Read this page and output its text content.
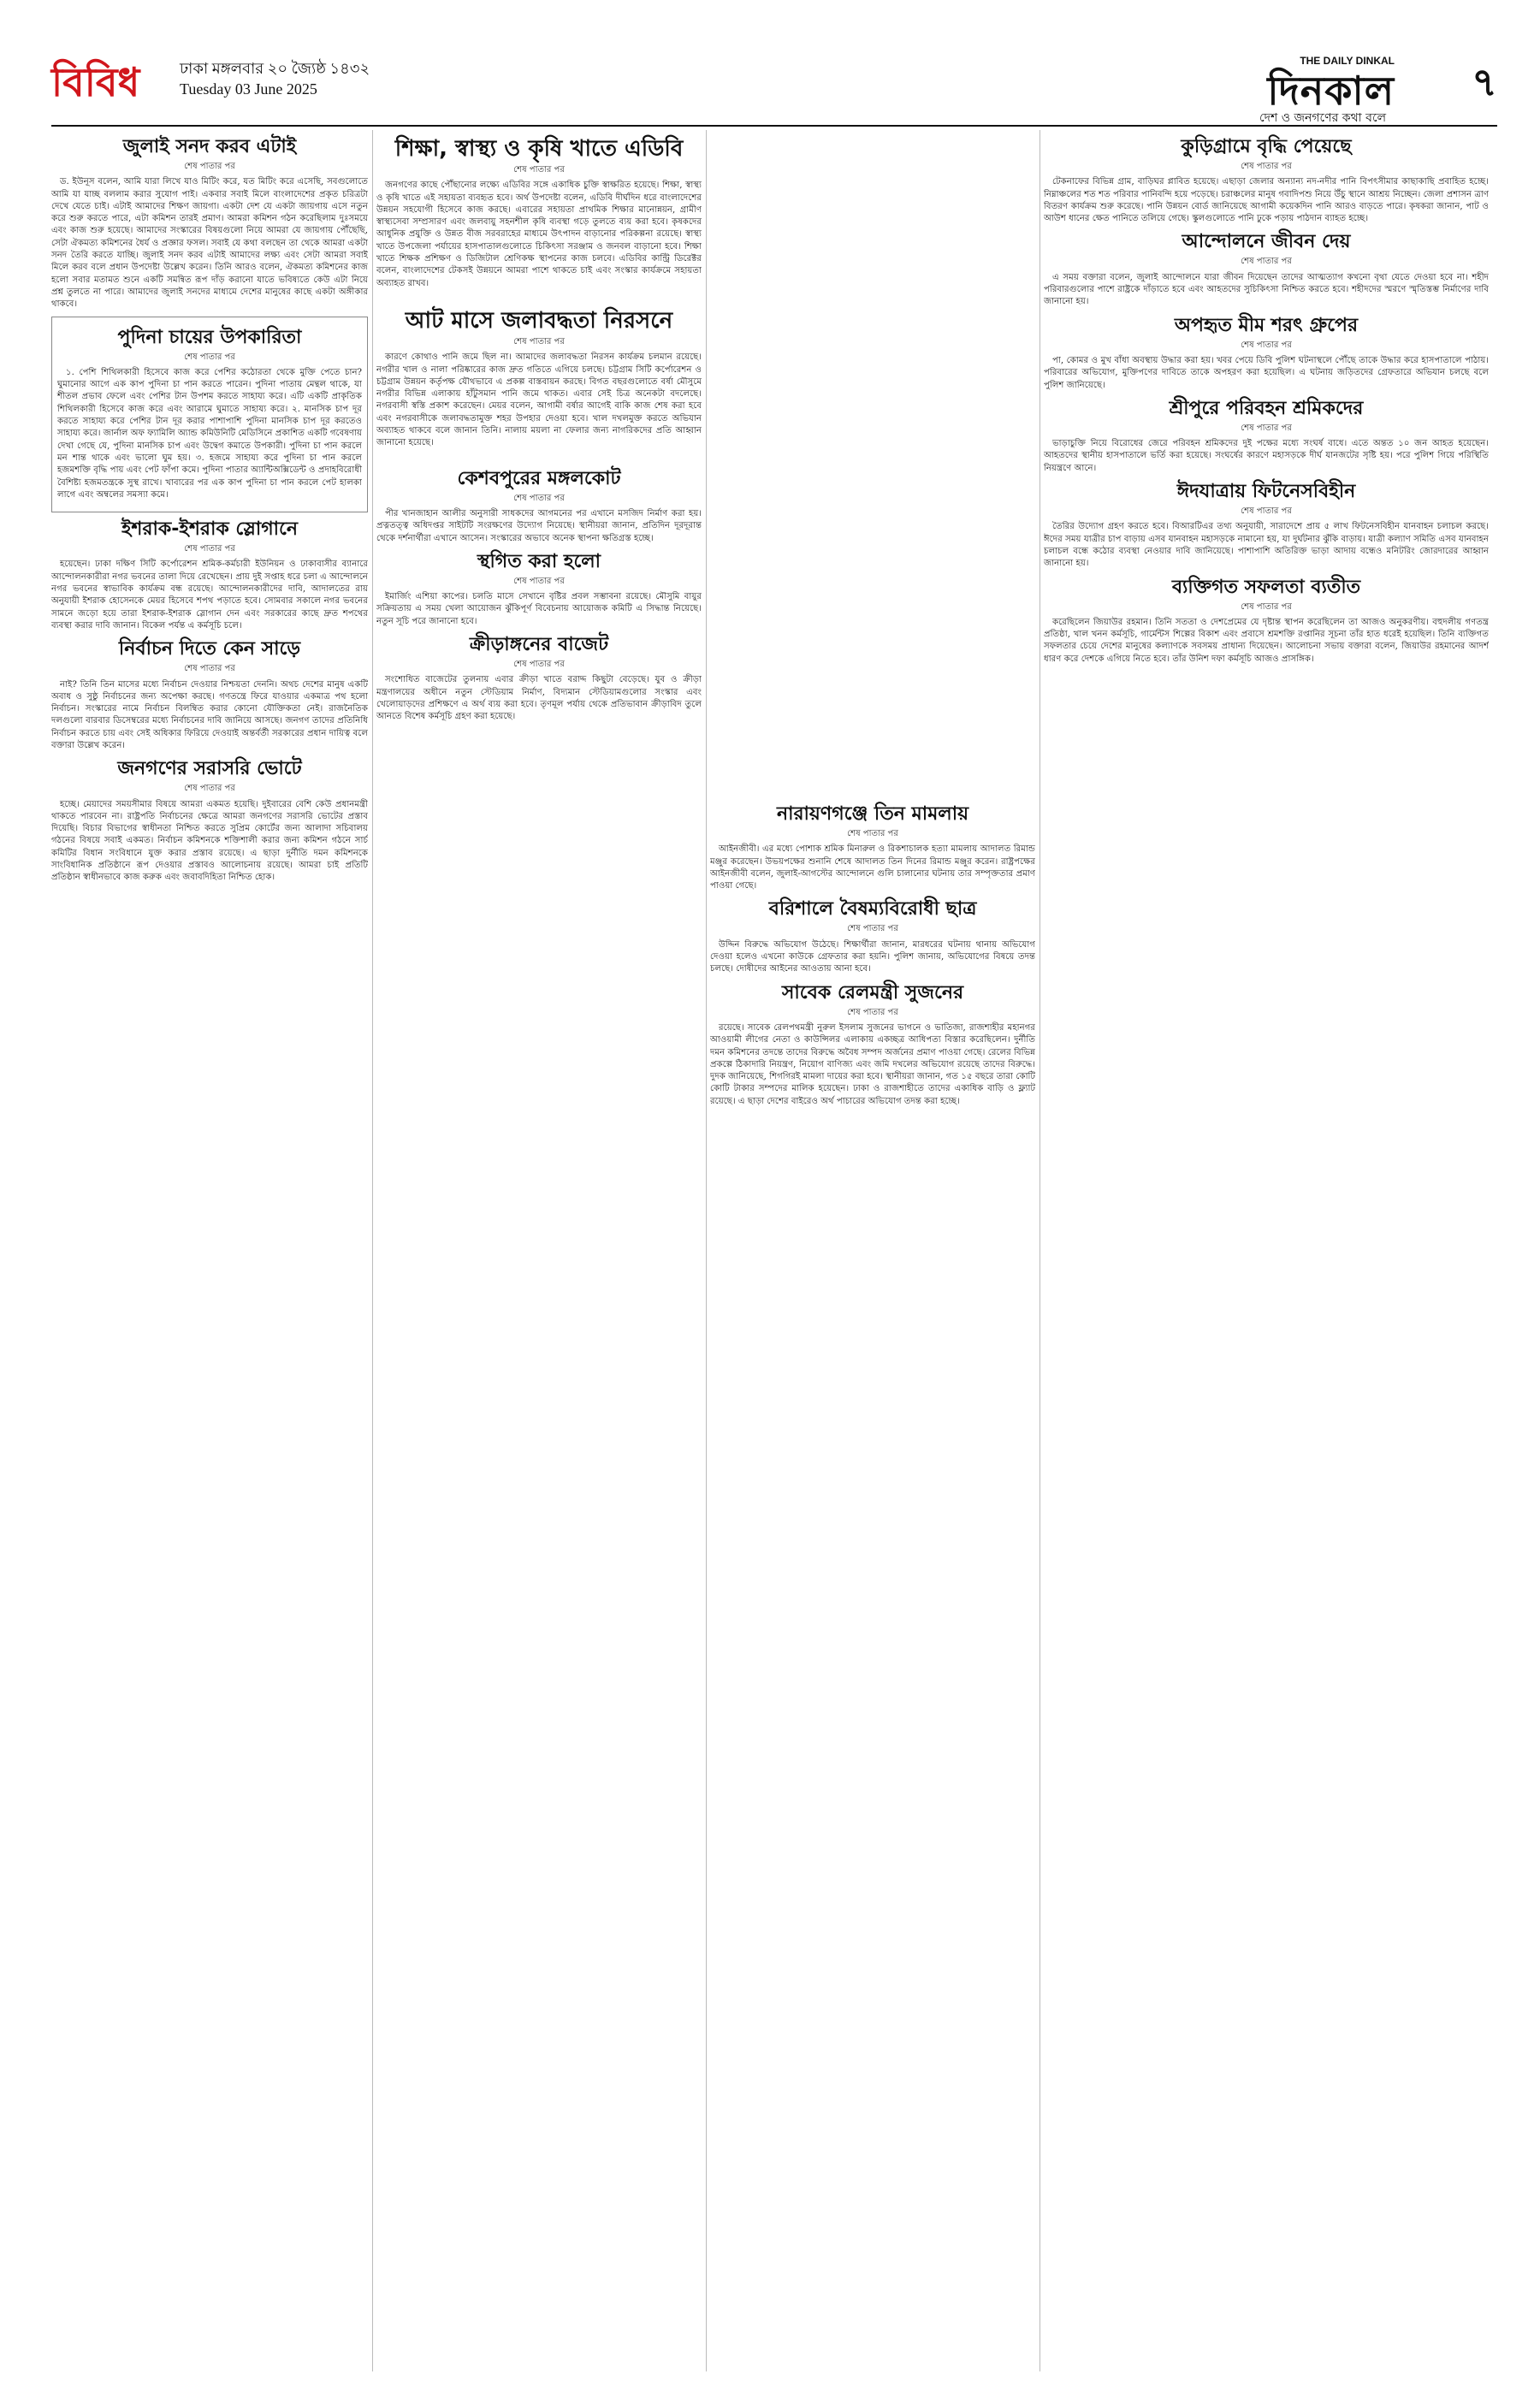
বিবিধ	ঢাকা মঙ্গলবার ২০ জ্যৈষ্ঠ ১৪৩২
Tuesday 03 June 2025
THE DAILY DINKAL
দিনকাল
দেশ ও জনগণের কথা বলে
৭
জুলাই সনদ করব এটাই
শেষ পাতার পর

ড. ইউনূস বলেন, আমি যারা লিখে যাও মিটিং করে, যত মিটিং করে এসেছি, সবগুলোতে আমি যা যাচ্ছ বললাম করার সুযোগ পাই। একবার সবাই মিলে বাংলাদেশের প্রকৃত চরিত্রটা দেখে যেতে চাই। এটাই আমাদের শিক্ষণ জায়গা। একটা দেশ যে একটা জায়গায় এসে নতুন করে শুরু করতে পারে, এটা কমিশন তারই প্রমাণ। আমরা কমিশন গঠন করেছিলাম দুঃসময়ে এবং কাজ শুরু হয়েছে। আমাদের সংস্কারের বিষয়গুলো নিয়ে আমরা যে জায়গায় পৌঁছেছি, সেটা ঐকমত্য কমিশনের ধৈর্য ও প্রজ্ঞার ফসল। সবাই যে কথা বলছেন তা থেকে আমরা একটা সনদ তৈরি করতে যাচ্ছি। জুলাই সনদ করব এটাই আমাদের লক্ষ্য এবং সেটা আমরা সবাই মিলে করব বলে প্রধান উপদেষ্টা উল্লেখ করেন। তিনি আরও বলেন, ঐকমত্য কমিশনের কাজ হলো সবার মতামত শুনে একটি সমন্বিত রূপ দাঁড় করানো যাতে ভবিষ্যতে কেউ এটা নিয়ে প্রশ্ন তুলতে না পারে। আমাদের জুলাই সনদের মাধ্যমে দেশের মানুষের কাছে একটা অঙ্গীকার থাকবে।

পুদিনা চায়ের উপকারিতা
শেষ পাতার পর

১. পেশি শিথিলকারী হিসেবে কাজ করে পেশির কঠোরতা থেকে মুক্তি পেতে চান? ঘুমানোর আগে এক কাপ পুদিনা চা পান করতে পারেন। পুদিনা পাতায় মেন্থল থাকে, যা শীতল প্রভাব ফেলে এবং পেশির টান উপশম করতে সাহায্য করে। এটি একটি প্রাকৃতিক শিথিলকারী হিসেবে কাজ করে এবং আরামে ঘুমাতে সাহায্য করে। ২. মানসিক চাপ দূর করতে সাহায্য করে পেশির টান দূর করার পাশাপাশি পুদিনা মানসিক চাপ দূর করতেও সাহায্য করে। জার্নাল অফ ফ্যামিলি অ্যান্ড কমিউনিটি মেডিসিনে প্রকাশিত একটি গবেষণায় দেখা গেছে যে, পুদিনা মানসিক চাপ এবং উদ্বেগ কমাতে উপকারী। পুদিনা চা পান করলে মন শান্ত থাকে এবং ভালো ঘুম হয়। ৩. হজমে সাহায্য করে পুদিনা চা পান করলে হজমশক্তি বৃদ্ধি পায় এবং পেট ফাঁপা কমে। পুদিনা পাতার অ্যান্টিঅক্সিডেন্ট ও প্রদাহবিরোধী বৈশিষ্ট্য হজমতন্ত্রকে সুস্থ রাখে। খাবারের পর এক কাপ পুদিনা চা পান করলে পেট হালকা লাগে এবং অম্বলের সমস্যা কমে।

ইশরাক-ইশরাক স্লোগানে
শেষ পাতার পর

হয়েছেন। ঢাকা দক্ষিণ সিটি কর্পোরেশন শ্রমিক-কর্মচারী ইউনিয়ন ও ঢাকাবাসীর ব্যানারে আন্দোলনকারীরা নগর ভবনের তালা দিয়ে রেখেছেন। প্রায় দুই সপ্তাহ ধরে চলা এ আন্দোলনে নগর ভবনের স্বাভাবিক কার্যক্রম বন্ধ রয়েছে। আন্দোলনকারীদের দাবি, আদালতের রায় অনুযায়ী ইশরাক হোসেনকে মেয়র হিসেবে শপথ পড়াতে হবে। সোমবার সকালে নগর ভবনের সামনে জড়ো হয়ে তারা ইশরাক-ইশরাক স্লোগান দেন এবং সরকারের কাছে দ্রুত শপথের ব্যবস্থা করার দাবি জানান। বিকেল পর্যন্ত এ কর্মসূচি চলে।

নির্বাচন দিতে কেন সাড়ে
শেষ পাতার পর

নাই? তিনি তিন মাসের মধ্যে নির্বাচন দেওয়ার নিশ্চয়তা দেননি। অথচ দেশের মানুষ একটি অবাধ ও সুষ্ঠু নির্বাচনের জন্য অপেক্ষা করছে। গণতন্ত্রে ফিরে যাওয়ার একমাত্র পথ হলো নির্বাচন। সংস্কারের নামে নির্বাচন বিলম্বিত করার কোনো যৌক্তিকতা নেই। রাজনৈতিক দলগুলো বারবার ডিসেম্বরের মধ্যে নির্বাচনের দাবি জানিয়ে আসছে। জনগণ তাদের প্রতিনিধি নির্বাচন করতে চায় এবং সেই অধিকার ফিরিয়ে দেওয়াই অন্তর্বর্তী সরকারের প্রধান দায়িত্ব বলে বক্তারা উল্লেখ করেন।

জনগণের সরাসরি ভোটে
শেষ পাতার পর

হচ্ছে। মেয়াদের সময়সীমার বিষয়ে আমরা একমত হয়েছি। দুইবারের বেশি কেউ প্রধানমন্ত্রী থাকতে পারবেন না। রাষ্ট্রপতি নির্বাচনের ক্ষেত্রে আমরা জনগণের সরাসরি ভোটের প্রস্তাব দিয়েছি। বিচার বিভাগের স্বাধীনতা নিশ্চিত করতে সুপ্রিম কোর্টের জন্য আলাদা সচিবালয় গঠনের বিষয়ে সবাই একমত। নির্বাচন কমিশনকে শক্তিশালী করার জন্য কমিশন গঠনে সার্চ কমিটির বিধান সংবিধানে যুক্ত করার প্রস্তাব রয়েছে। এ ছাড়া দুর্নীতি দমন কমিশনকে সাংবিধানিক প্রতিষ্ঠানে রূপ দেওয়ার প্রস্তাবও আলোচনায় রয়েছে। আমরা চাই প্রতিটি প্রতিষ্ঠান স্বাধীনভাবে কাজ করুক এবং জবাবদিহিতা নিশ্চিত হোক।

শিক্ষা, স্বাস্থ্য ও কৃষি খাতে এডিবি
শেষ পাতার পর

জনগণের কাছে পৌঁছানোর লক্ষ্যে এডিবির সঙ্গে একাধিক চুক্তি স্বাক্ষরিত হয়েছে। শিক্ষা, স্বাস্থ্য ও কৃষি খাতে এই সহায়তা ব্যবহৃত হবে। অর্থ উপদেষ্টা বলেন, এডিবি দীর্ঘদিন ধরে বাংলাদেশের উন্নয়ন সহযোগী হিসেবে কাজ করছে। এবারের সহায়তা প্রাথমিক শিক্ষার মানোন্নয়ন, গ্রামীণ স্বাস্থ্যসেবা সম্প্রসারণ এবং জলবায়ু সহনশীল কৃষি ব্যবস্থা গড়ে তুলতে ব্যয় করা হবে। কৃষকদের আধুনিক প্রযুক্তি ও উন্নত বীজ সরবরাহের মাধ্যমে উৎপাদন বাড়ানোর পরিকল্পনা রয়েছে। স্বাস্থ্য খাতে উপজেলা পর্যায়ের হাসপাতালগুলোতে চিকিৎসা সরঞ্জাম ও জনবল বাড়ানো হবে। শিক্ষা খাতে শিক্ষক প্রশিক্ষণ ও ডিজিটাল শ্রেণিকক্ষ স্থাপনের কাজ চলবে। এডিবির কান্ট্রি ডিরেক্টর বলেন, বাংলাদেশের টেকসই উন্নয়নে আমরা পাশে থাকতে চাই এবং সংস্কার কার্যক্রমে সহায়তা অব্যাহত রাখব।

আট মাসে জলাবদ্ধতা নিরসনে
শেষ পাতার পর

কারণে কোথাও পানি জমে ছিল না। আমাদের জলাবদ্ধতা নিরসন কার্যক্রম চলমান রয়েছে। নগরীর খাল ও নালা পরিষ্কারের কাজ দ্রুত গতিতে এগিয়ে চলছে। চট্টগ্রাম সিটি কর্পোরেশন ও চট্টগ্রাম উন্নয়ন কর্তৃপক্ষ যৌথভাবে এ প্রকল্প বাস্তবায়ন করছে। বিগত বছরগুলোতে বর্ষা মৌসুমে নগরীর বিভিন্ন এলাকায় হাঁটুসমান পানি জমে থাকত। এবার সেই চিত্র অনেকটা বদলেছে। নগরবাসী স্বস্তি প্রকাশ করেছেন। মেয়র বলেন, আগামী বর্ষার আগেই বাকি কাজ শেষ করা হবে এবং নগরবাসীকে জলাবদ্ধতামুক্ত শহর উপহার দেওয়া হবে। খাল দখলমুক্ত করতে অভিযান অব্যাহত থাকবে বলে জানান তিনি। নালায় ময়লা না ফেলার জন্য নাগরিকদের প্রতি আহ্বান জানানো হয়েছে।

কেশবপুরের মঙ্গলকোট
শেষ পাতার পর

পীর খানজাহান আলীর অনুসারী সাধকদের আগমনের পর এখানে মসজিদ নির্মাণ করা হয়। প্রত্নতত্ত্ব অধিদপ্তর সাইটটি সংরক্ষণের উদ্যোগ নিয়েছে। স্থানীয়রা জানান, প্রতিদিন দূরদূরান্ত থেকে দর্শনার্থীরা এখানে আসেন। সংস্কারের অভাবে অনেক স্থাপনা ক্ষতিগ্রস্ত হচ্ছে।

স্থগিত করা হলো
শেষ পাতার পর

ইমার্জিং এশিয়া কাপের। চলতি মাসে সেখানে বৃষ্টির প্রবল সম্ভাবনা রয়েছে। মৌসুমি বায়ুর সক্রিয়তায় এ সময় খেলা আয়োজন ঝুঁকিপূর্ণ বিবেচনায় আয়োজক কমিটি এ সিদ্ধান্ত নিয়েছে। নতুন সূচি পরে জানানো হবে।

ক্রীড়াঙ্গনের বাজেট
শেষ পাতার পর

সংশোধিত বাজেটের তুলনায় এবার ক্রীড়া খাতে বরাদ্দ কিছুটা বেড়েছে। যুব ও ক্রীড়া মন্ত্রণালয়ের অধীনে নতুন স্টেডিয়াম নির্মাণ, বিদ্যমান স্টেডিয়ামগুলোর সংস্কার এবং খেলোয়াড়দের প্রশিক্ষণে এ অর্থ ব্যয় করা হবে। তৃণমূল পর্যায় থেকে প্রতিভাবান ক্রীড়াবিদ তুলে আনতে বিশেষ কর্মসূচি গ্রহণ করা হয়েছে।

নারায়ণগঞ্জে তিন মামলায়
শেষ পাতার পর

আইনজীবী। এর মধ্যে পোশাক শ্রমিক মিনারুল ও রিকশাচালক হত্যা মামলায় আদালত রিমান্ড মঞ্জুর করেছেন। উভয়পক্ষের শুনানি শেষে আদালত তিন দিনের রিমান্ড মঞ্জুর করেন। রাষ্ট্রপক্ষের আইনজীবী বলেন, জুলাই-আগস্টের আন্দোলনে গুলি চালানোর ঘটনায় তার সম্পৃক্ততার প্রমাণ পাওয়া গেছে।

বরিশালে বৈষম্যবিরোধী ছাত্র
শেষ পাতার পর

উদ্দিন বিরুদ্ধে অভিযোগ উঠেছে। শিক্ষার্থীরা জানান, মারধরের ঘটনায় থানায় অভিযোগ দেওয়া হলেও এখনো কাউকে গ্রেফতার করা হয়নি। পুলিশ জানায়, অভিযোগের বিষয়ে তদন্ত চলছে। দোষীদের আইনের আওতায় আনা হবে।

সাবেক রেলমন্ত্রী সুজনের
শেষ পাতার পর

রয়েছে। সাবেক রেলপথমন্ত্রী নুরুল ইসলাম সুজনের ভাগনে ও ভাতিজা, রাজশাহীর মহানগর আওয়ামী লীগের নেতা ও কাউন্সিলর এলাকায় একচ্ছত্র আধিপত্য বিস্তার করেছিলেন। দুর্নীতি দমন কমিশনের তদন্তে তাদের বিরুদ্ধে অবৈধ সম্পদ অর্জনের প্রমাণ পাওয়া গেছে। রেলের বিভিন্ন প্রকল্পে ঠিকাদারি নিয়ন্ত্রণ, নিয়োগ বাণিজ্য এবং জমি দখলের অভিযোগ রয়েছে তাদের বিরুদ্ধে। দুদক জানিয়েছে, শিগগিরই মামলা দায়ের করা হবে। স্থানীয়রা জানান, গত ১৫ বছরে তারা কোটি কোটি টাকার সম্পদের মালিক হয়েছেন। ঢাকা ও রাজশাহীতে তাদের একাধিক বাড়ি ও ফ্ল্যাট রয়েছে। এ ছাড়া দেশের বাইরেও অর্থ পাচারের অভিযোগ তদন্ত করা হচ্ছে।

কুড়িগ্রামে বৃদ্ধি পেয়েছে
শেষ পাতার পর

টেকনাফের বিভিন্ন গ্রাম, বাড়িঘর প্লাবিত হয়েছে। এছাড়া জেলার অন্যান্য নদ-নদীর পানি বিপৎসীমার কাছাকাছি প্রবাহিত হচ্ছে। নিম্নাঞ্চলের শত শত পরিবার পানিবন্দি হয়ে পড়েছে। চরাঞ্চলের মানুষ গবাদিপশু নিয়ে উঁচু স্থানে আশ্রয় নিচ্ছেন। জেলা প্রশাসন ত্রাণ বিতরণ কার্যক্রম শুরু করেছে। পানি উন্নয়ন বোর্ড জানিয়েছে আগামী কয়েকদিন পানি আরও বাড়তে পারে। কৃষকরা জানান, পাট ও আউশ ধানের ক্ষেত পানিতে তলিয়ে গেছে। স্কুলগুলোতে পানি ঢুকে পড়ায় পাঠদান ব্যাহত হচ্ছে।

আন্দোলনে জীবন দেয়
শেষ পাতার পর

এ সময় বক্তারা বলেন, জুলাই আন্দোলনে যারা জীবন দিয়েছেন তাদের আত্মত্যাগ কখনো বৃথা যেতে দেওয়া হবে না। শহীদ পরিবারগুলোর পাশে রাষ্ট্রকে দাঁড়াতে হবে এবং আহতদের সুচিকিৎসা নিশ্চিত করতে হবে। শহীদদের স্মরণে স্মৃতিস্তম্ভ নির্মাণের দাবি জানানো হয়।

অপহৃত মীম শরৎ গ্রুপের
শেষ পাতার পর

পা, কোমর ও মুখ বাঁধা অবস্থায় উদ্ধার করা হয়। খবর পেয়ে ডিবি পুলিশ ঘটনাস্থলে পৌঁছে তাকে উদ্ধার করে হাসপাতালে পাঠায়। পরিবারের অভিযোগ, মুক্তিপণের দাবিতে তাকে অপহরণ করা হয়েছিল। এ ঘটনায় জড়িতদের গ্রেফতারে অভিযান চলছে বলে পুলিশ জানিয়েছে।

শ্রীপুরে পরিবহন শ্রমিকদের
শেষ পাতার পর

ভাড়াচুক্তি নিয়ে বিরোধের জেরে পরিবহন শ্রমিকদের দুই পক্ষের মধ্যে সংঘর্ষ বাধে। এতে অন্তত ১০ জন আহত হয়েছেন। আহতদের স্থানীয় হাসপাতালে ভর্তি করা হয়েছে। সংঘর্ষের কারণে মহাসড়কে দীর্ঘ যানজটের সৃষ্টি হয়। পরে পুলিশ গিয়ে পরিস্থিতি নিয়ন্ত্রণে আনে।

ঈদযাত্রায় ফিটনেসবিহীন
শেষ পাতার পর

তৈরির উদ্যোগ গ্রহণ করতে হবে। বিআরটিএর তথ্য অনুযায়ী, সারাদেশে প্রায় ৫ লাখ ফিটনেসবিহীন যানবাহন চলাচল করছে। ঈদের সময় যাত্রীর চাপ বাড়ায় এসব যানবাহন মহাসড়কে নামানো হয়, যা দুর্ঘটনার ঝুঁকি বাড়ায়। যাত্রী কল্যাণ সমিতি এসব যানবাহন চলাচল বন্ধে কঠোর ব্যবস্থা নেওয়ার দাবি জানিয়েছে। পাশাপাশি অতিরিক্ত ভাড়া আদায় বন্ধেও মনিটরিং জোরদারের আহ্বান জানানো হয়।

ব্যক্তিগত সফলতা ব্যতীত
শেষ পাতার পর

করেছিলেন জিয়াউর রহমান। তিনি সততা ও দেশপ্রেমের যে দৃষ্টান্ত স্থাপন করেছিলেন তা আজও অনুকরণীয়। বহুদলীয় গণতন্ত্র প্রতিষ্ঠা, খাল খনন কর্মসূচি, গার্মেন্টস শিল্পের বিকাশ এবং প্রবাসে শ্রমশক্তি রপ্তানির সূচনা তাঁর হাত ধরেই হয়েছিল। তিনি ব্যক্তিগত সফলতার চেয়ে দেশের মানুষের কল্যাণকে সবসময় প্রাধান্য দিয়েছেন। আলোচনা সভায় বক্তারা বলেন, জিয়াউর রহমানের আদর্শ ধারণ করে দেশকে এগিয়ে নিতে হবে। তাঁর উনিশ দফা কর্মসূচি আজও প্রাসঙ্গিক।
